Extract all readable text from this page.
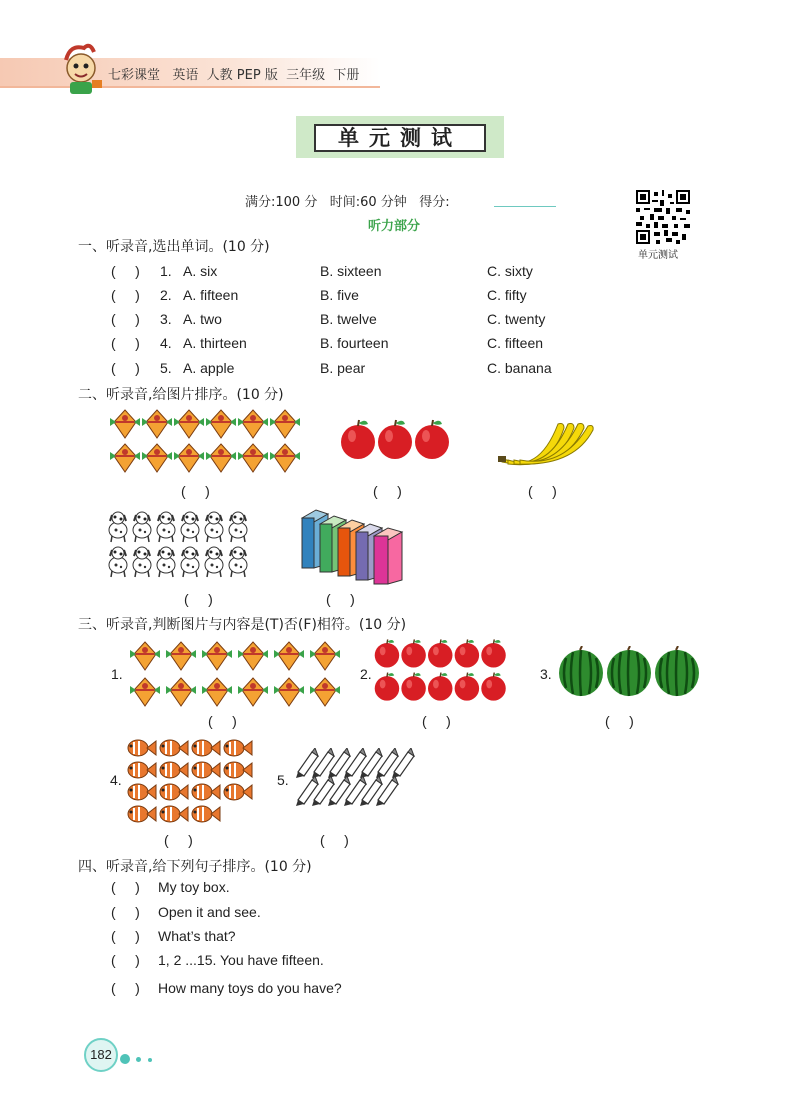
七彩课堂   英语  人教 PEP 版  三年级  下册
单元测试
满分:100 分 时间:60 分钟 得分:
听力部分
单元测试
一、听录音,选出单词。(10 分)
(     ) 1. A. six	B. sixteen	C. sixty
(     ) 2. A. fifteen	B. five	C. fifty
(     ) 3. A. two	B. twelve	C. twenty
(     ) 4. A. thirteen	B. fourteen	C. fifteen
(     ) 5. A. apple	B. pear	C. banana
二、听录音,给图片排序。(10 分)
(     )	(     )	(     )
(     )	(     )
三、听录音,判断图片与内容是(T)否(F)相符。(10 分)
1.	2.	3.
(     )	(     )	(     )
4.	5.
(     )	(     )
四、听录音,给下列句子排序。(10 分)
(     ) My toy box.
(     ) Open it and see.
(     ) What’s that?
(     ) 1, 2 ...15. You have fifteen.
(     ) How many toys do you have?
182
